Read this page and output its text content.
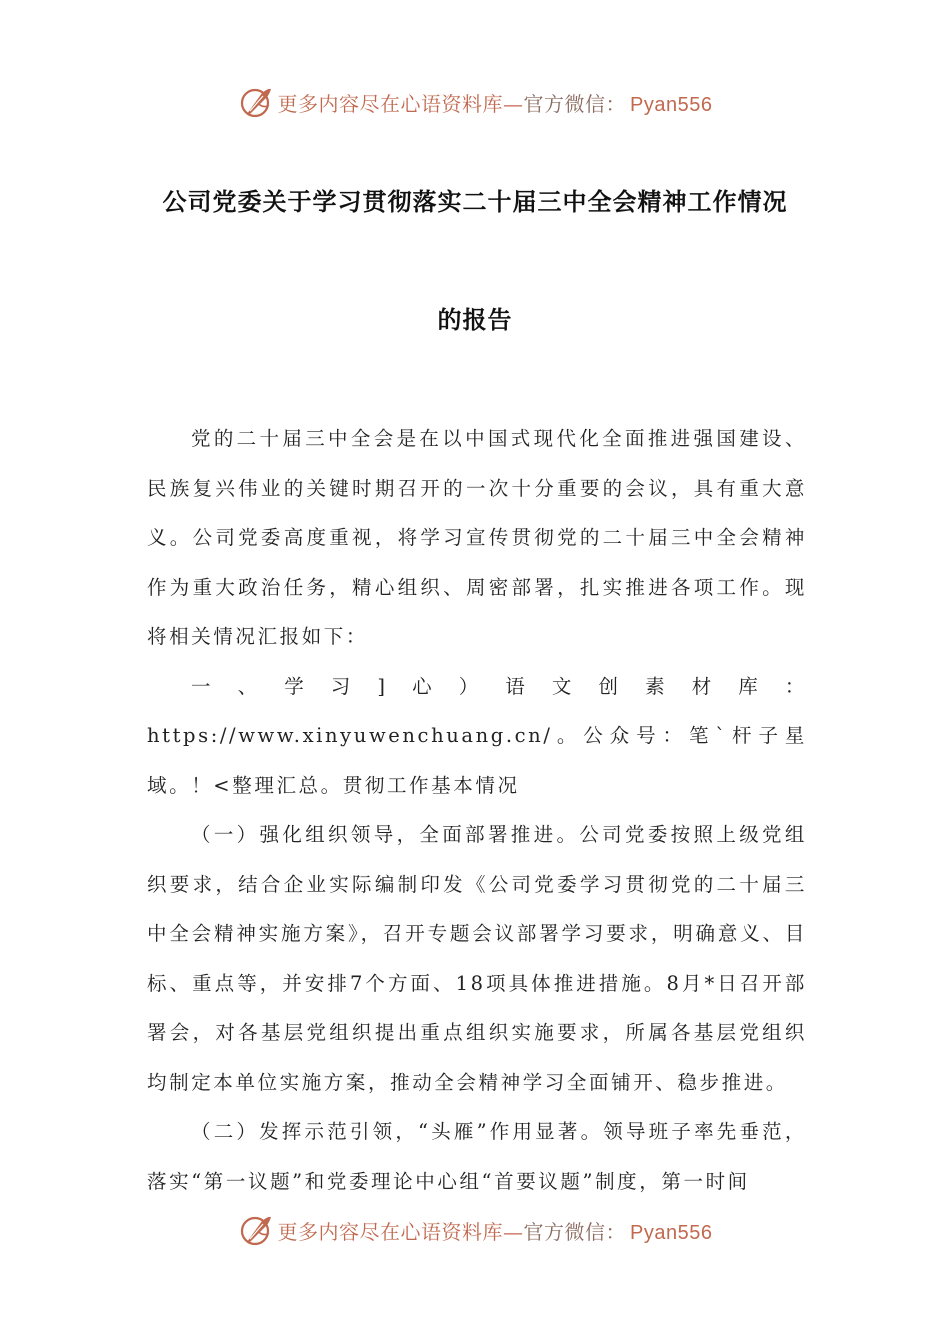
更多内容尽在心语资料库—官方微信： Pyan556
公司党委关于学习贯彻落实二十届三中全会精神工作情况
的报告

党的二十届三中全会是在以中国式现代化全面推进强国建设、民族复兴伟业的关键时期召开的一次十分重要的会议，具有重大意义。公司党委高度重视，将学习宣传贯彻党的二十届三中全会精神作为重大政治任务，精心组织、周密部署，扎实推进各项工作。现将相关情况汇报如下：

一、学习]心）语文创素材库：https://www.xinyuwenchuang.cn/。公众号：笔`杆子星域。！<整理汇总。贯彻工作基本情况

（一）强化组织领导，全面部署推进。公司党委按照上级党组织要求，结合企业实际编制印发《公司党委学习贯彻党的二十届三中全会精神实施方案》，召开专题会议部署学习要求，明确意义、目标、重点等，并安排7个方面、18项具体推进措施。8月*日召开部署会，对各基层党组织提出重点组织实施要求，所属各基层党组织均制定本单位实施方案，推动全会精神学习全面铺开、稳步推进。

（二）发挥示范引领，“头雁”作用显著。领导班子率先垂范，落实“第一议题”和党委理论中心组“首要议题”制度，第一时间

更多内容尽在心语资料库—官方微信： Pyan556
